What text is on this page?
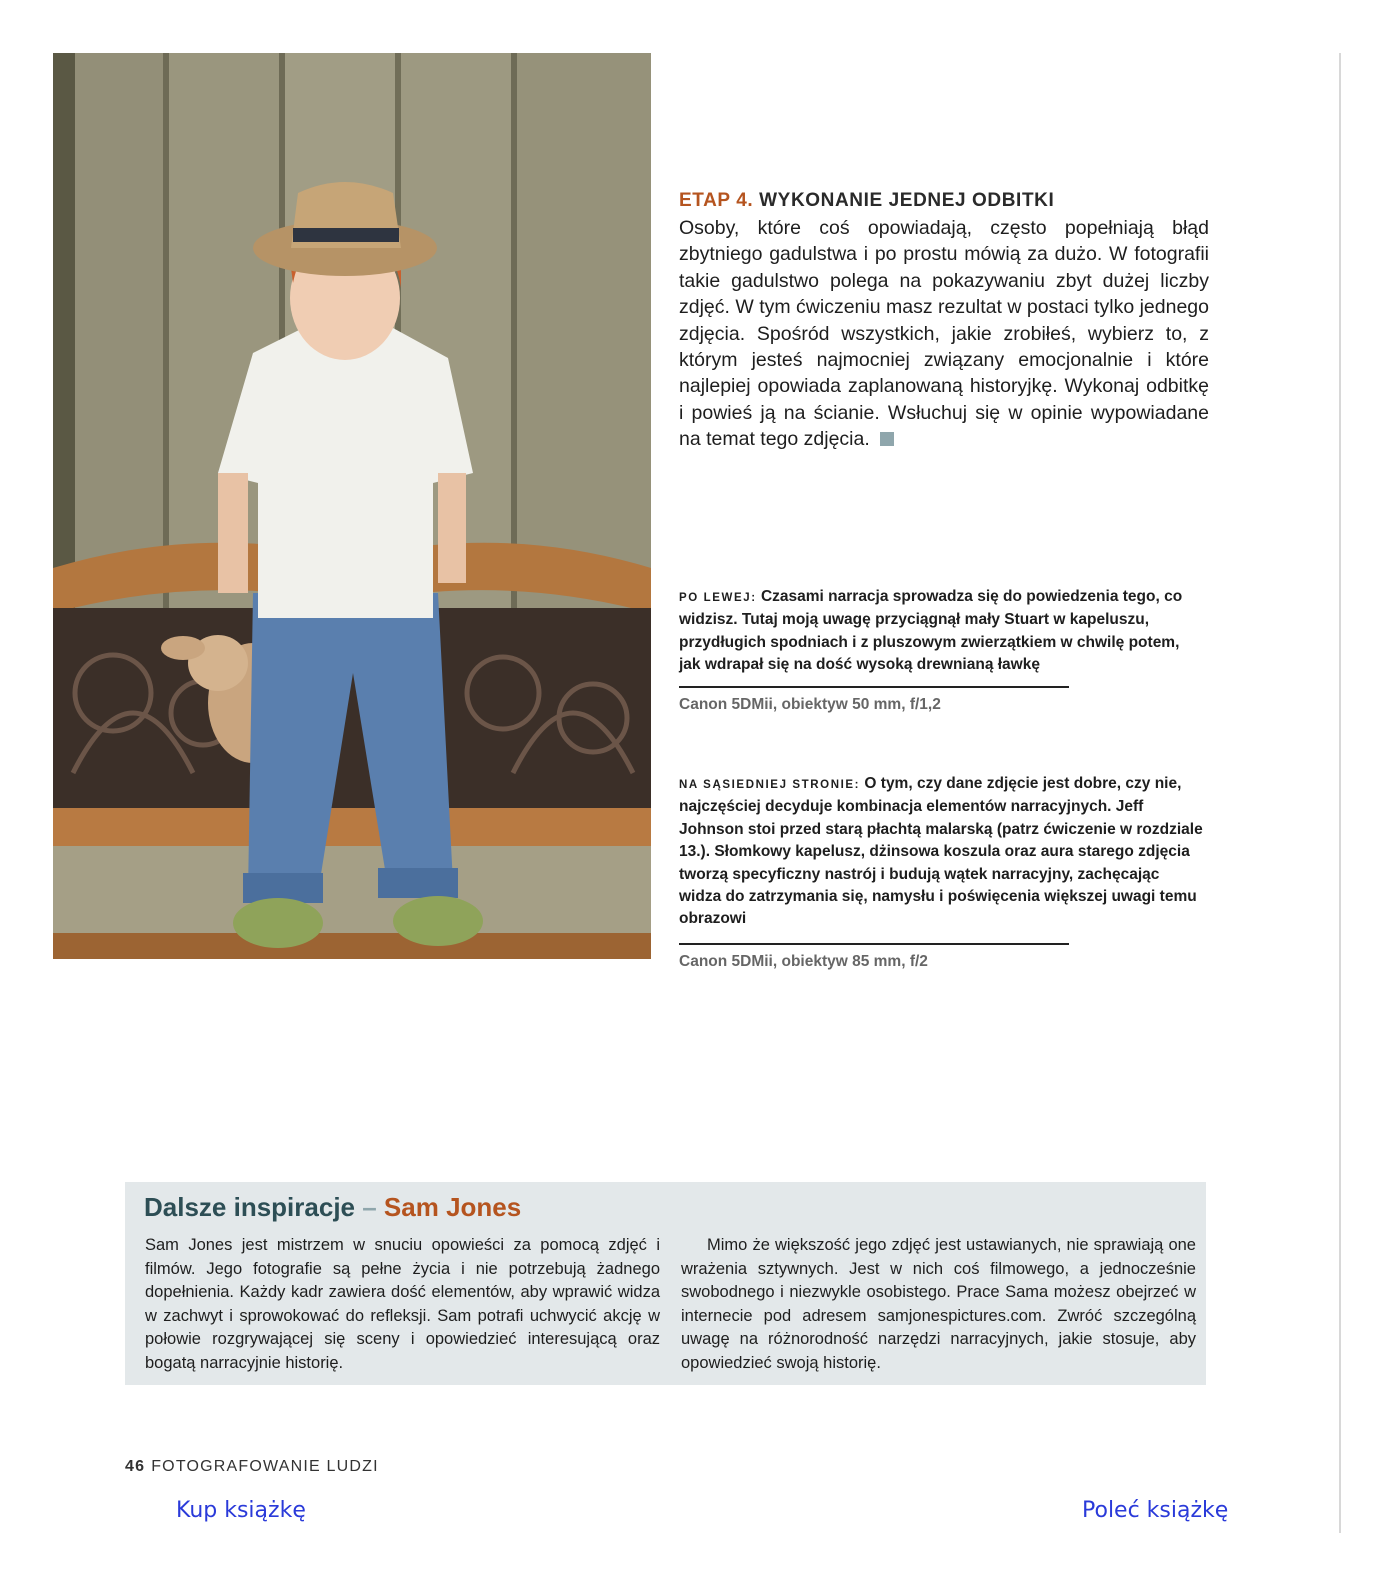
ETAP 4. WYKONANIE JEDNEJ ODBITKI
Osoby, które coś opowiadają, często popełniają błąd zbytniego gadulstwa i po prostu mówią za dużo. W fotografii takie gadulstwo polega na pokazywaniu zbyt dużej liczby zdjęć. W tym ćwiczeniu masz rezultat w postaci tylko jednego zdjęcia. Spośród wszystkich, jakie zrobiłeś, wybierz to, z którym jesteś najmocniej związany emocjonalnie i które najlepiej opowiada zaplanowaną historyjkę. Wykonaj odbitkę i powieś ją na ścianie. Wsłuchuj się w opinie wypowiadane na temat tego zdjęcia.
PO LEWEJ: Czasami narracja sprowadza się do powiedzenia tego, co widzisz. Tutaj moją uwagę przyciągnął mały Stuart w kapeluszu, przydługich spodniach i z pluszowym zwierzątkiem w chwilę potem, jak wdrapał się na dość wysoką drewnianą ławkę
Canon 5DMii, obiektyw 50 mm, f/1,2
NA SĄSIEDNIEJ STRONIE: O tym, czy dane zdjęcie jest dobre, czy nie, najczęściej decyduje kombinacja elementów narracyjnych. Jeff Johnson stoi przed starą płachtą malarską (patrz ćwiczenie w rozdziale 13.). Słomkowy kapelusz, dżinsowa koszula oraz aura starego zdjęcia tworzą specyficzny nastrój i budują wątek narracyjny, zachęcając widza do zatrzymania się, namysłu i poświęcenia większej uwagi temu obrazowi
Canon 5DMii, obiektyw 85 mm, f/2
Dalsze inspiracje – Sam Jones
Sam Jones jest mistrzem w snuciu opowieści za pomocą zdjęć i filmów. Jego fotografie są pełne życia i nie potrzebują żadnego dopełnienia. Każdy kadr zawiera dość elementów, aby wprawić widza w zachwyt i sprowokować do refleksji. Sam potrafi uchwycić akcję w połowie rozgrywającej się sceny i opowiedzieć interesującą oraz bogatą narracyjnie historię.
Mimo że większość jego zdjęć jest ustawianych, nie sprawiają one wrażenia sztywnych. Jest w nich coś filmowego, a jednocześnie swobodnego i niezwykle osobistego. Prace Sama możesz obejrzeć w internecie pod adresem samjonespictures.com. Zwróć szczególną uwagę na różnorodność narzędzi narracyjnych, jakie stosuje, aby opowiedzieć swoją historię.
46 FOTOGRAFOWANIE LUDZI
Kup książkę	Poleć książkę
